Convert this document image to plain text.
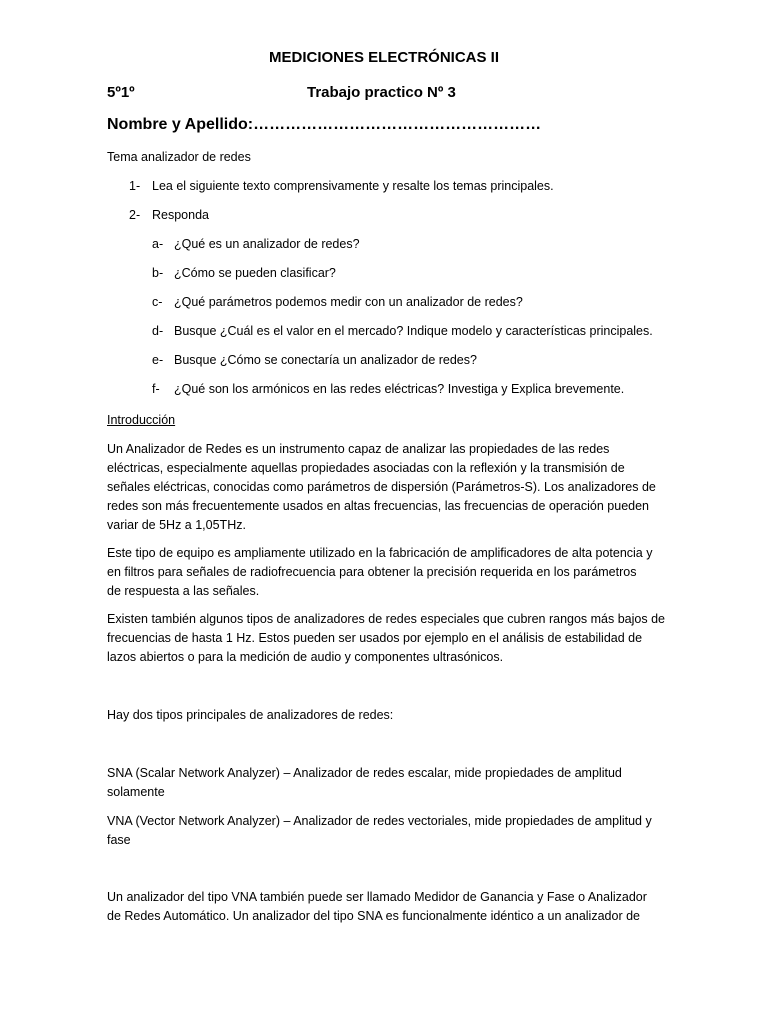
MEDICIONES ELECTRÓNICAS II
5º1º	Trabajo practico Nº 3
Nombre y Apellido:………………………………………………
Tema analizador de redes
1- Lea el siguiente texto comprensivamente y resalte los temas principales.
2- Responda
a- ¿Qué es un analizador de redes?
b- ¿Cómo se pueden clasificar?
c- ¿Qué parámetros podemos medir con un analizador de redes?
d- Busque ¿Cuál es el valor en el mercado? Indique modelo y características principales.
e- Busque ¿Cómo se conectaría un analizador de redes?
f- ¿Qué son los armónicos en las redes eléctricas? Investiga y Explica brevemente.
Introducción
Un Analizador de Redes es un instrumento capaz de analizar las propiedades de las redes
eléctricas, especialmente aquellas propiedades asociadas con la reflexión y la transmisión de
señales eléctricas, conocidas como parámetros de dispersión (Parámetros-S). Los analizadores de
redes son más frecuentemente usados en altas frecuencias, las frecuencias de operación pueden
variar de 5Hz a 1,05THz.
Este tipo de equipo es ampliamente utilizado en la fabricación de amplificadores de alta potencia y
en filtros para señales de radiofrecuencia para obtener la precisión requerida en los parámetros
de respuesta a las señales.
Existen también algunos tipos de analizadores de redes especiales que cubren rangos más bajos de
frecuencias de hasta 1 Hz. Estos pueden ser usados por ejemplo en el análisis de estabilidad de
lazos abiertos o para la medición de audio y componentes ultrasónicos.
Hay dos tipos principales de analizadores de redes:
SNA (Scalar Network Analyzer) – Analizador de redes escalar, mide propiedades de amplitud
solamente
VNA (Vector Network Analyzer) – Analizador de redes vectoriales, mide propiedades de amplitud y
fase
Un analizador del tipo VNA también puede ser llamado Medidor de Ganancia y Fase o Analizador
de Redes Automático. Un analizador del tipo SNA es funcionalmente idéntico a un analizador de
